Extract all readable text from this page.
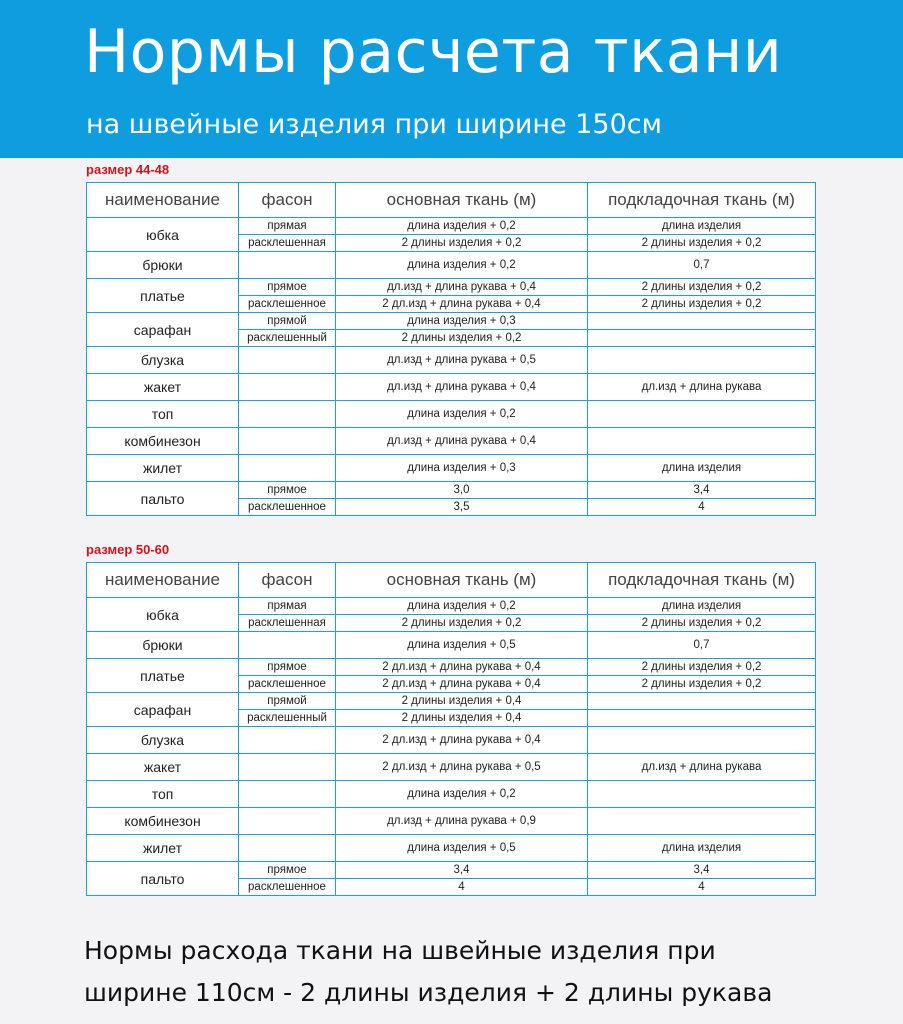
Нормы расчета ткани
на швейные изделия при ширине 150см
размер 44-48
наименование	фасон	основная ткань (м)	подкладочная ткань (м)
юбка	прямая	длина изделия + 0,2	длина изделия
	расклешенная	2 длины изделия + 0,2	2 длины изделия + 0,2
брюки		длина изделия + 0,2	0,7
платье	прямое	дл.изд + длина рукава + 0,4	2 длины изделия + 0,2
	расклешенное	2 дл.изд + длина рукава + 0,4	2 длины изделия + 0,2
сарафан	прямой	длина изделия + 0,3	
	расклешенный	2 длины изделия + 0,2	
блузка		дл.изд + длина рукава + 0,5	
жакет		дл.изд + длина рукава + 0,4	дл.изд + длина рукава
топ		длина изделия + 0,2	
комбинезон		дл.изд + длина рукава + 0,4	
жилет		длина изделия + 0,3	длина изделия
пальто	прямое	3,0	3,4
	расклешенное	3,5	4
размер 50-60
наименование	фасон	основная ткань (м)	подкладочная ткань (м)
юбка	прямая	длина изделия + 0,2	длина изделия
	расклешенная	2 длины изделия + 0,2	2 длины изделия + 0,2
брюки		длина изделия + 0,5	0,7
платье	прямое	2 дл.изд + длина рукава + 0,4	2 длины изделия + 0,2
	расклешенное	2 дл.изд + длина рукава + 0,4	2 длины изделия + 0,2
сарафан	прямой	2 длины изделия + 0,4	
	расклешенный	2 длины изделия + 0,4	
блузка		2 дл.изд + длина рукава + 0,4	
жакет		2 дл.изд + длина рукава + 0,5	дл.изд + длина рукава
топ		длина изделия + 0,2	
комбинезон		дл.изд + длина рукава + 0,9	
жилет		длина изделия + 0,5	длина изделия
пальто	прямое	3,4	3,4
	расклешенное	4	4
Нормы расхода ткани на швейные изделия при
ширине 110см - 2 длины изделия + 2 длины рукава
